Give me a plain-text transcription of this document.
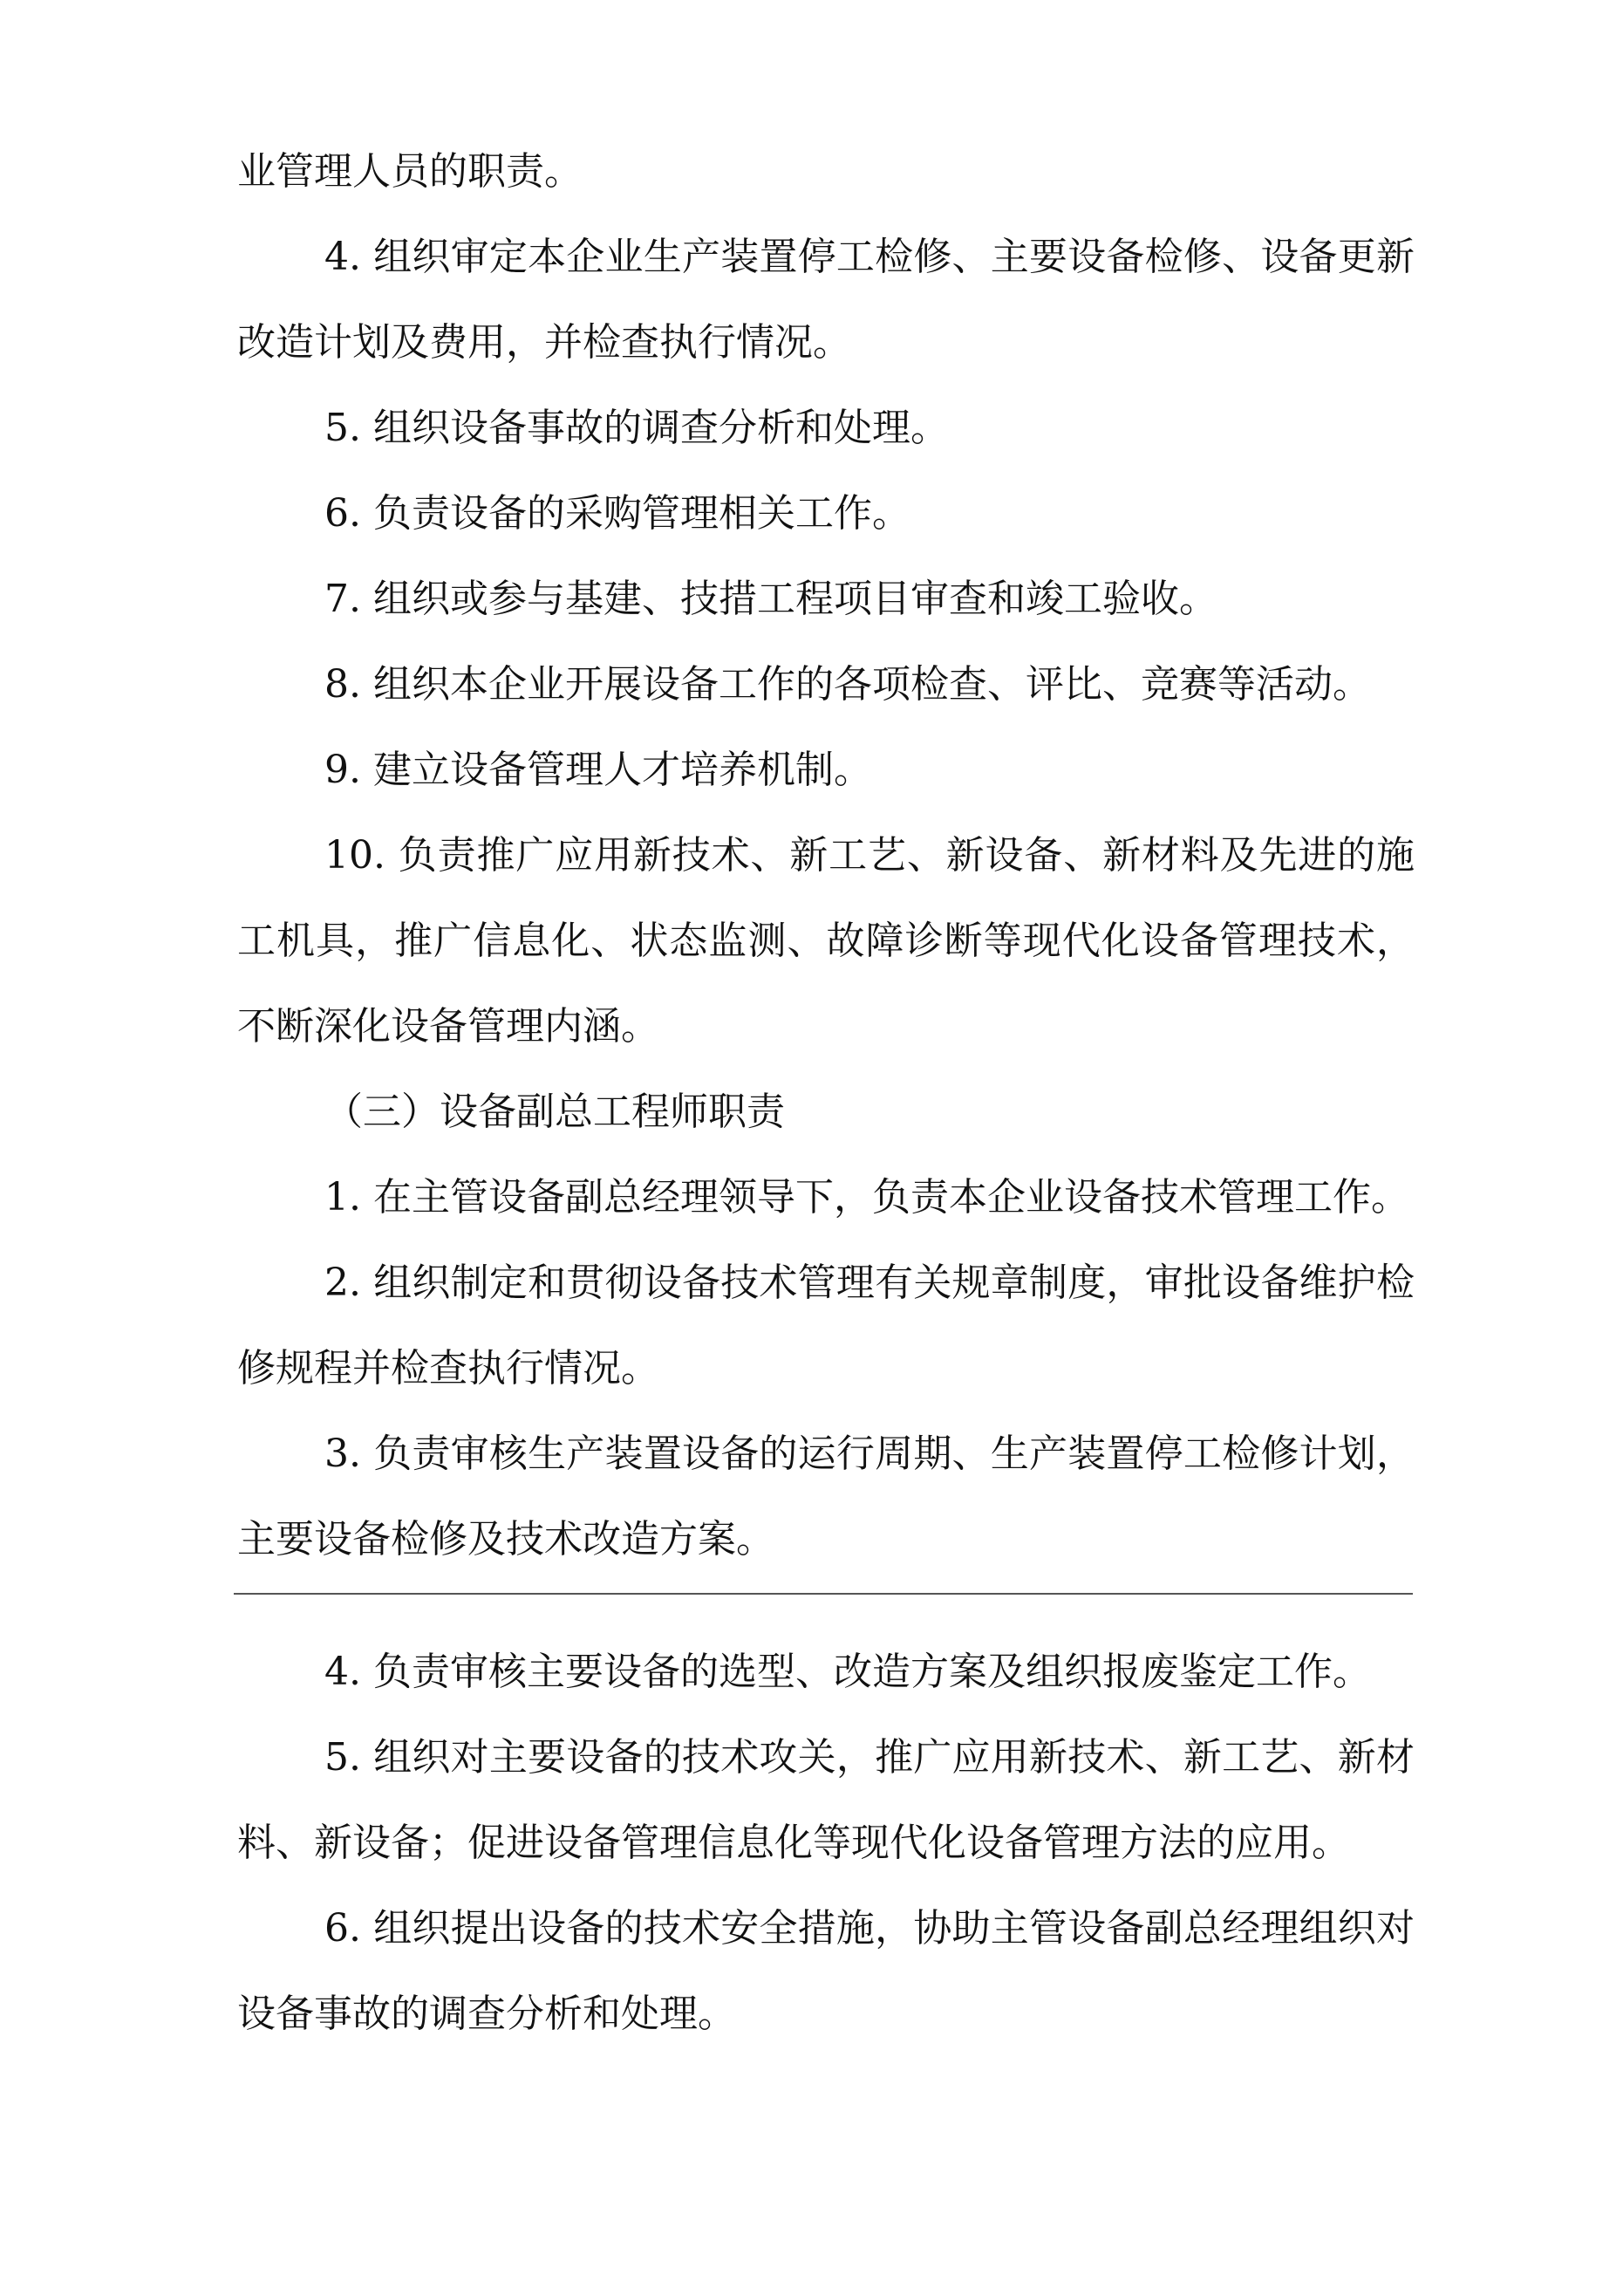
业管理人员的职责。

4. 组织审定本企业生产装置停工检修、主要设备检修、设备更新改造计划及费用，并检查执行情况。

5. 组织设备事故的调查分析和处理。

6. 负责设备的采购管理相关工作。

7. 组织或参与基建、技措工程项目审查和竣工验收。

8. 组织本企业开展设备工作的各项检查、评比、竞赛等活动。

9. 建立设备管理人才培养机制。

10. 负责推广应用新技术、新工艺、新设备、新材料及先进的施工机具，推广信息化、状态监测、故障诊断等现代化设备管理技术，不断深化设备管理内涵。

（三）设备副总工程师职责

1. 在主管设备副总经理领导下，负责本企业设备技术管理工作。

2. 组织制定和贯彻设备技术管理有关规章制度，审批设备维护检修规程并检查执行情况。

3. 负责审核生产装置设备的运行周期、生产装置停工检修计划，主要设备检修及技术改造方案。

4. 负责审核主要设备的选型、改造方案及组织报废鉴定工作。

5. 组织对主要设备的技术攻关，推广应用新技术、新工艺、新材料、新设备；促进设备管理信息化等现代化设备管理方法的应用。

6. 组织提出设备的技术安全措施，协助主管设备副总经理组织对设备事故的调查分析和处理。
